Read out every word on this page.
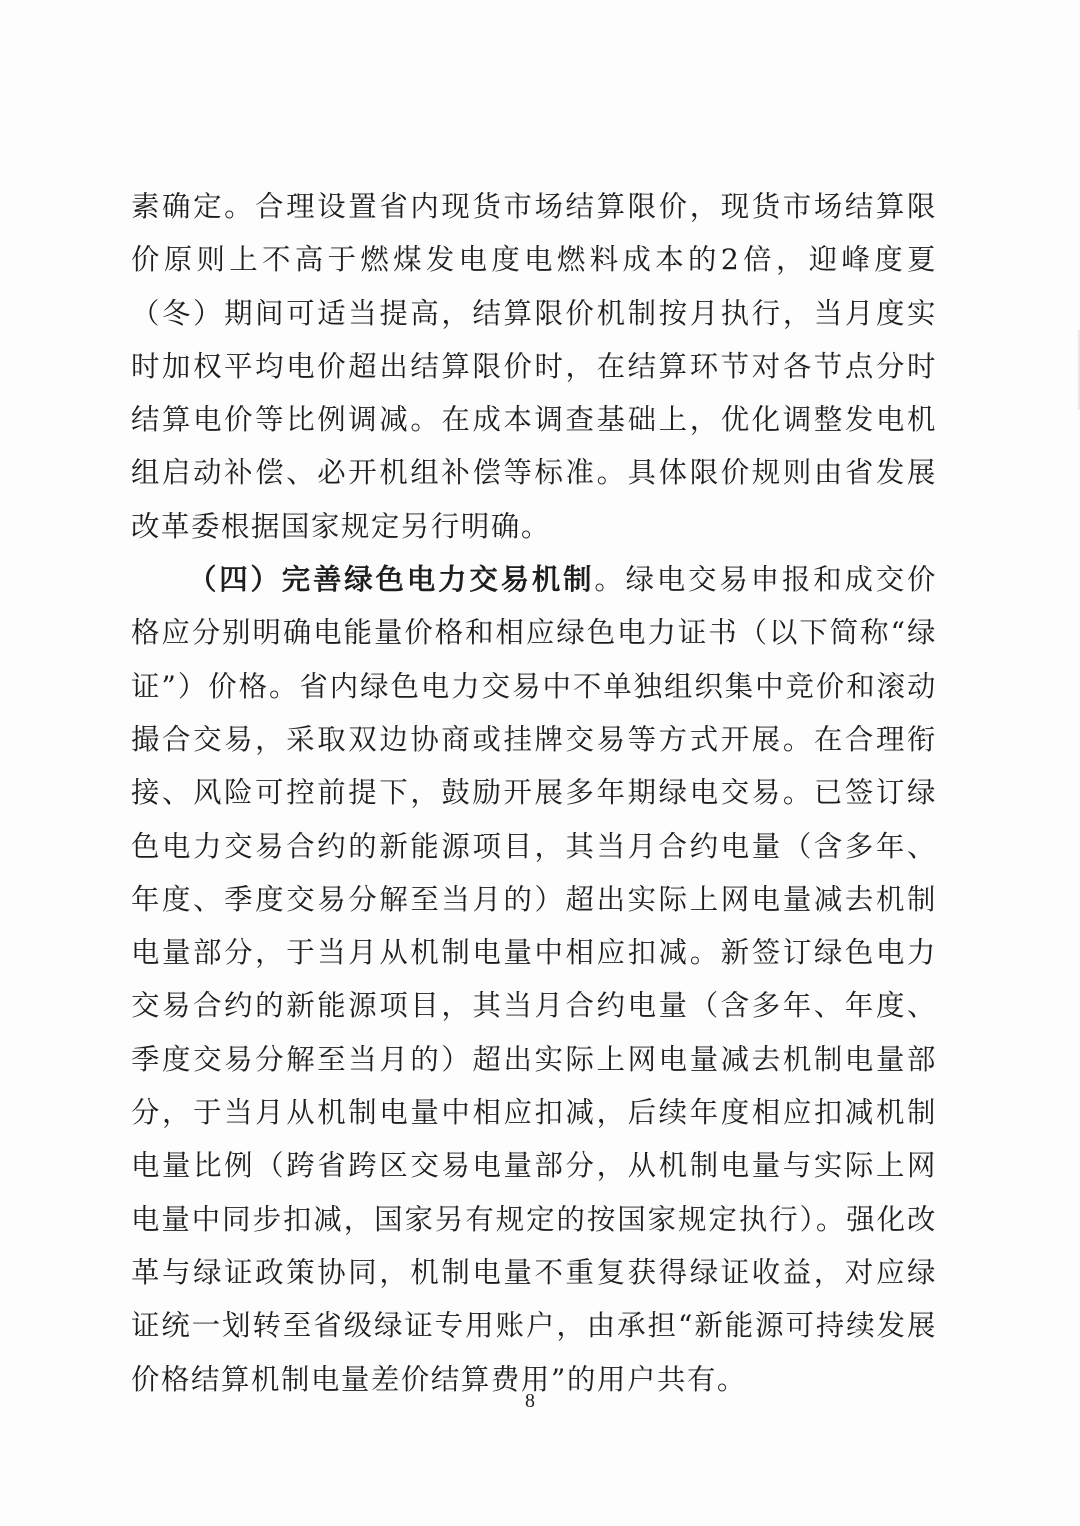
素确定。合理设置省内现货市场结算限价，现货市场结算限价原则上不高于燃煤发电度电燃料成本的2倍，迎峰度夏（冬）期间可适当提高，结算限价机制按月执行，当月度实时加权平均电价超出结算限价时，在结算环节对各节点分时结算电价等比例调减。在成本调查基础上，优化调整发电机组启动补偿、必开机组补偿等标准。具体限价规则由省发展改革委根据国家规定另行明确。

（四）完善绿色电力交易机制。绿电交易申报和成交价格应分别明确电能量价格和相应绿色电力证书（以下简称“绿证”）价格。省内绿色电力交易中不单独组织集中竞价和滚动撮合交易，采取双边协商或挂牌交易等方式开展。在合理衔接、风险可控前提下，鼓励开展多年期绿电交易。已签订绿色电力交易合约的新能源项目，其当月合约电量（含多年、年度、季度交易分解至当月的）超出实际上网电量减去机制电量部分，于当月从机制电量中相应扣减。新签订绿色电力交易合约的新能源项目，其当月合约电量（含多年、年度、季度交易分解至当月的）超出实际上网电量减去机制电量部分，于当月从机制电量中相应扣减，后续年度相应扣减机制电量比例（跨省跨区交易电量部分，从机制电量与实际上网电量中同步扣减，国家另有规定的按国家规定执行）。强化改革与绿证政策协同，机制电量不重复获得绿证收益，对应绿证统一划转至省级绿证专用账户，由承担“新能源可持续发展价格结算机制电量差价结算费用”的用户共有。

8
